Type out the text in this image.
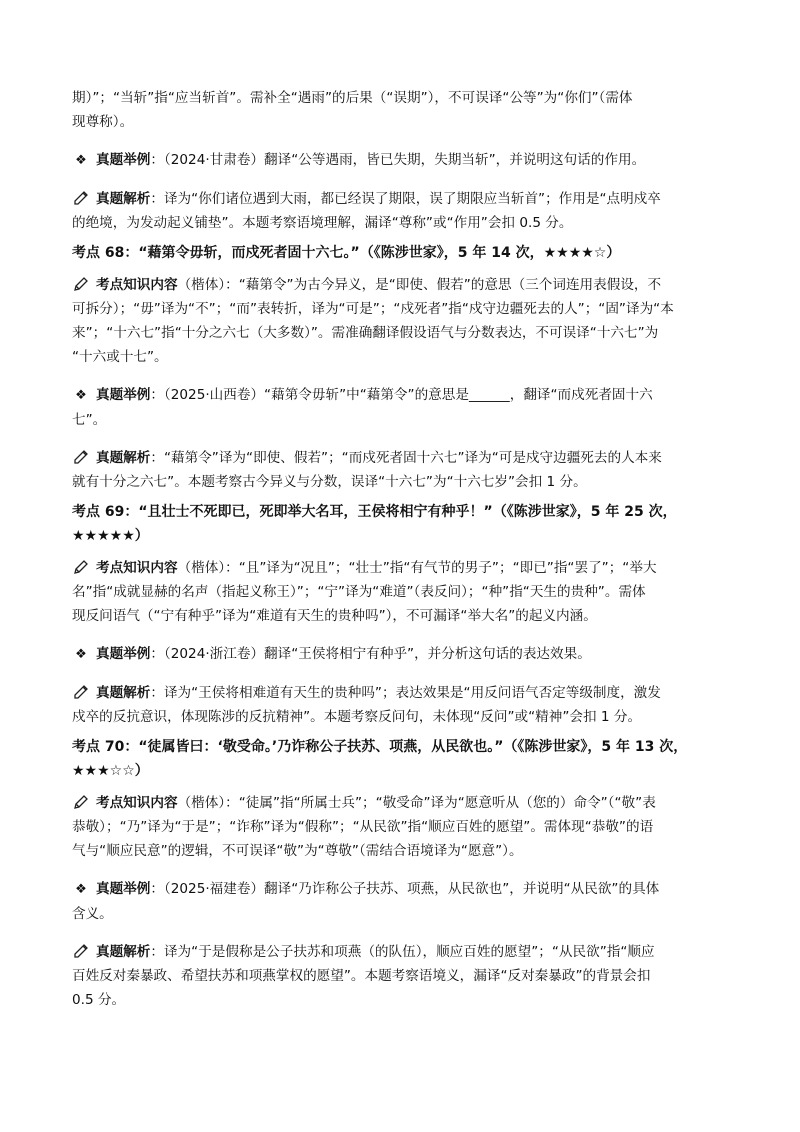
期）”；“当斩”指“应当斩首”。需补全“遇雨”的后果（“误期”），不可误译“公等”为“你们”（需体
现尊称）。

❖ 真题举例：（2024·甘肃卷）翻译“公等遇雨，皆已失期，失期当斩”，并说明这句话的作用。

真题解析：译为“你们诸位遇到大雨，都已经误了期限，误了期限应当斩首”；作用是“点明戍卒
的绝境，为发动起义铺垫”。本题考察语境理解，漏译“尊称”或“作用”会扣 0.5 分。

考点 68：“藉第令毋斩，而戍死者固十六七。”（《陈涉世家》，5 年 14 次，★★★★☆）

考点知识内容（楷体）：“藉第令”为古今异义，是“即使、假若”的意思（三个词连用表假设，不
可拆分）；“毋”译为“不”；“而”表转折，译为“可是”；“戍死者”指“戍守边疆死去的人”；“固”译为“本
来”；“十六七”指“十分之六七（大多数）”。需准确翻译假设语气与分数表达，不可误译“十六七”为
“十六或十七”。

❖ 真题举例：（2025·山西卷）“藉第令毋斩”中“藉第令”的意思是______，翻译“而戍死者固十六
七”。

真题解析：“藉第令”译为“即使、假若”；“而戍死者固十六七”译为“可是戍守边疆死去的人本来
就有十分之六七”。本题考察古今异义与分数，误译“十六七”为“十六七岁”会扣 1 分。

考点 69：“且壮士不死即已，死即举大名耳，王侯将相宁有种乎！”（《陈涉世家》，5 年 25 次，
★★★★★）

考点知识内容（楷体）：“且”译为“况且”；“壮士”指“有气节的男子”；“即已”指“罢了”；“举大
名”指“成就显赫的名声（指起义称王）”；“宁”译为“难道”（表反问）；“种”指“天生的贵种”。需体
现反问语气（“宁有种乎”译为“难道有天生的贵种吗”），不可漏译“举大名”的起义内涵。

❖ 真题举例：（2024·浙江卷）翻译“王侯将相宁有种乎”，并分析这句话的表达效果。

真题解析：译为“王侯将相难道有天生的贵种吗”；表达效果是“用反问语气否定等级制度，激发
戍卒的反抗意识，体现陈涉的反抗精神”。本题考察反问句，未体现“反问”或“精神”会扣 1 分。

考点 70：“徒属皆曰：‘敬受命。’乃诈称公子扶苏、项燕，从民欲也。”（《陈涉世家》，5 年 13 次，
★★★☆☆）

考点知识内容（楷体）：“徒属”指“所属士兵”；“敬受命”译为“愿意听从（您的）命令”（“敬”表
恭敬）；“乃”译为“于是”；“诈称”译为“假称”；“从民欲”指“顺应百姓的愿望”。需体现“恭敬”的语
气与“顺应民意”的逻辑，不可误译“敬”为“尊敬”（需结合语境译为“愿意”）。

❖ 真题举例：（2025·福建卷）翻译“乃诈称公子扶苏、项燕，从民欲也”，并说明“从民欲”的具体
含义。

真题解析：译为“于是假称是公子扶苏和项燕（的队伍），顺应百姓的愿望”；“从民欲”指“顺应
百姓反对秦暴政、希望扶苏和项燕掌权的愿望”。本题考察语境义，漏译“反对秦暴政”的背景会扣
0.5 分。
